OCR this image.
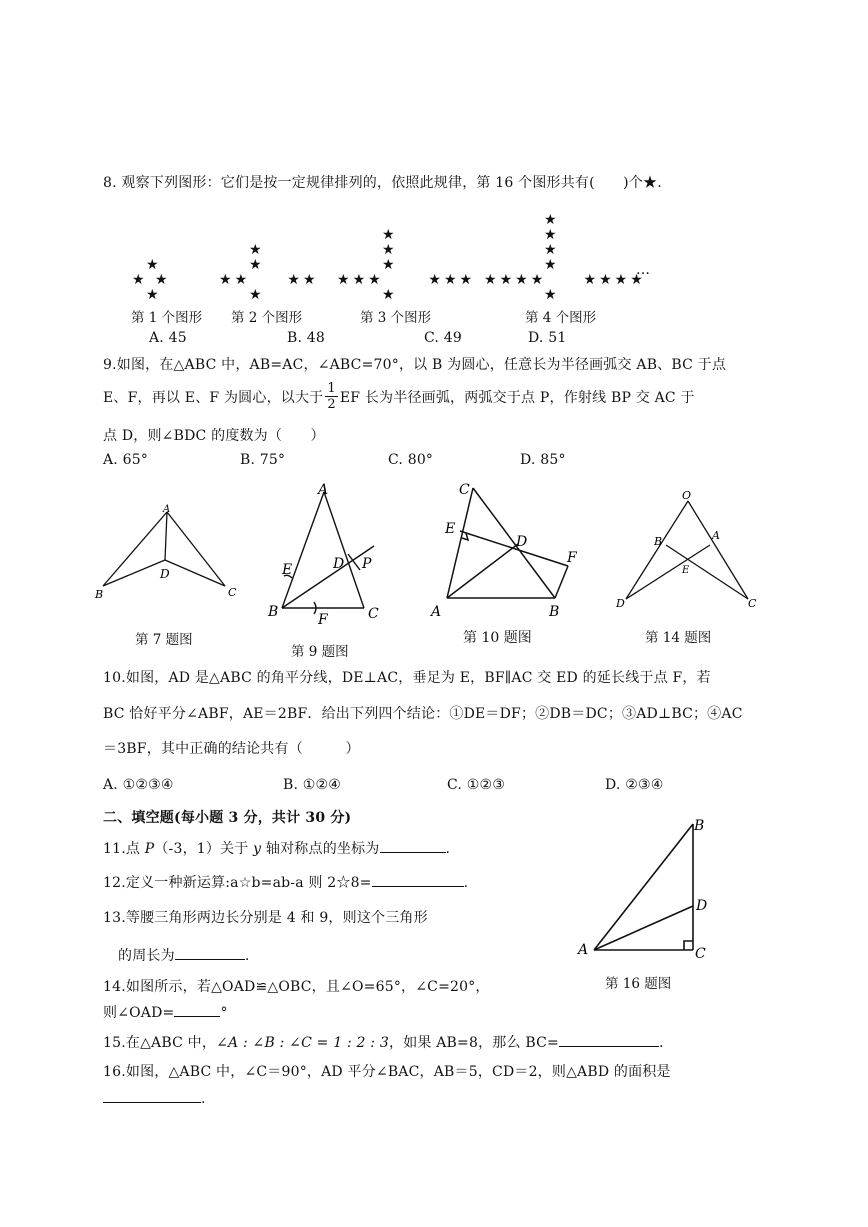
8. 观察下列图形：它们是按一定规律排列的，依照此规律，第 16 个图形共有(　　)个★.
★
★ ★
★
★
★
★★	★★
★
★
★
★
★★★	★★★
★
★
★
★
★
★★★★	★★★★
★
…
第 1 个图形 第 2 个图形	第 3 个图形	第 4 个图形
A. 45	B. 48	C. 49	D. 51
9.如图，在△ABC 中，AB=AC，∠ABC=70°，以 B 为圆心，任意长为半径画弧交 AB、BC 于点
E、F，再以 E、F 为圆心，以大于 $\frac{1}{2}$ EF 长为半径画弧，两弧交于点 P，作射线 BP 交 AC 于
点 D，则∠BDC 的度数为（　　）
A. 65°	B. 75°	C. 80°	D. 85°
A
B	C
D
第 7 题图
A
B	C
D
E
F
P
第 9 题图
C
E
D
F
A	B
第 10 题图
O
B	A
E
D	C
第 14 题图
10.如图，AD 是△ABC 的角平分线，DE⊥AC，垂足为 E，BF∥AC 交 ED 的延长线于点 F，若
BC 恰好平分∠ABF，AE＝2BF．给出下列四个结论：①DE＝DF；②DB＝DC；③AD⊥BC；④AC
＝3BF，其中正确的结论共有（　　　）
A. ①②③④	B. ①②④	C. ①②③	D. ②③④
二、填空题(每小题 3 分，共计 30 分)
11.点 P（-3，1）关于 y 轴对称点的坐标为	.
12.定义一种新运算:a☆b=ab-a 则 2☆8=	.
13.等腰三角形两边长分别是 4 和 9，则这个三角形
的周长为	.
14.如图所示，若△OAD≌△OBC，且∠O=65°，∠C=20°，
则∠OAD=	°
15.在△ABC 中，∠A : ∠B : ∠C = 1 : 2 : 3，如果 AB=8，那么 BC=	.
16.如图，△ABC 中，∠C＝90°，AD 平分∠BAC，AB＝5，CD＝2，则△ABD 的面积是
.
B
D
A	C
第 16 题图
